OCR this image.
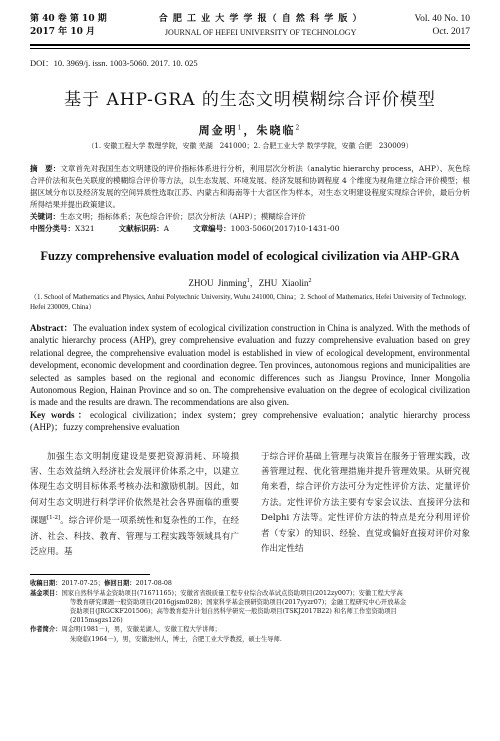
第 40 卷 第 10 期
2017 年 10 月
合 肥 工 业 大 学 学 报（ 自 然 科 学 版 ）
JOURNAL OF HEFEI UNIVERSITY OF TECHNOLOGY
Vol. 40 No. 10
Oct. 2017
DOI：10. 3969/j. issn. 1003-5060. 2017. 10. 025
基于 AHP-GRA 的生态文明模糊综合评价模型
周金明$^1$，朱晓临$^2$
（1. 安徽工程大学 数理学院，安徽 芜湖　241000；2. 合肥工业大学 数学学院，安徽 合肥　230009）
摘　要：文章首先对我国生态文明建设的评价指标体系进行分析，利用层次分析法（analytic hierarchy process，AHP）、灰色综合评价法和灰色关联度的模糊综合评价等方法，以生态发展、环境发展、经济发展和协调程度 4 个维度为视角建立综合评价模型；根据区域分布以及经济发展的空间异质性选取江苏、内蒙古和海南等十大省区作为样本，对生态文明建设程度实现综合评价，最后分析所得结果并提出政策建议。
关键词：生态文明；指标体系；灰色综合评价；层次分析法（AHP）；模糊综合评价
中图分类号：X321	文献标识码：A	文章编号：1003-5060(2017)10-1431-00
Fuzzy comprehensive evaluation model of ecological civilization via AHP-GRA
ZHOU Jinming$^1$，ZHU Xiaolin$^2$
（1. School of Mathematics and Physics, Anhui Polytechnic University, Wuhu 241000, China；2. School of Mathematics, Hefei University of Technology, Hefei 230009, China）
Abstract：The evaluation index system of ecological civilization construction in China is analyzed. With the methods of analytic hierarchy process (AHP), grey comprehensive evaluation and fuzzy comprehensive evaluation based on grey relational degree, the comprehensive evaluation model is established in view of ecological development, environmental development, economic development and coordination degree. Ten provinces, autonomous regions and municipalities are selected as samples based on the regional and economic differences such as Jiangsu Province, Inner Mongolia Autonomous Region, Hainan Province and so on. The comprehensive evaluation on the degree of ecological civilization is made and the results are drawn. The recommendations are also given.
Key words：ecological civilization；index system；grey comprehensive evaluation；analytic hierarchy process (AHP)；fuzzy comprehensive evaluation

加强生态文明制度建设是要把资源消耗、环境损害、生态效益纳入经济社会发展评价体系之中，以建立体现生态文明目标体系考核办法和激励机制。因此，如何对生态文明进行科学评价依然是社会各界面临的重要课题[1-2]。综合评价是一项系统性和复杂性的工作，在经济、社会、科技、教育、管理与工程实践等领域具有广泛应用。基

于综合评价基础上管理与决策旨在服务于管理实践，改善管理过程、优化管理措施并提升管理效果。从研究视角来看，综合评价方法可分为定性评价方法、定量评价方法。定性评价方法主要有专家会议法、直接评分法和 Delphi 方法等。定性评价方法的特点是充分利用评价者（专家）的知识、经验、直觉或偏好直接对评价对象作出定性结

收稿日期：2017-07-25；修回日期：2017-08-08
基金项目：国家自然科学基金资助项目(71671165)；安徽省省级质量工程专业综合改革试点资助项目(2012zy007)；安徽工程大学高
等教育研究课题一般资助项目(2016gjsm028)；国家科学基金预研资助项目(2017yyzr07)；金融工程研究中心开放基金
资助项目(JRGCKF201506)；高等教育提升计划自然科学研究一般资助项目(TSKJ2017B22) 和名师工作室资助项目
(2015msgzs126)
作者简介：周金明(1981－)，男，安徽芜湖人，安徽工程大学讲师；
朱晓临(1964－)，男，安徽池州人，博士，合肥工业大学教授，硕士生导师.
